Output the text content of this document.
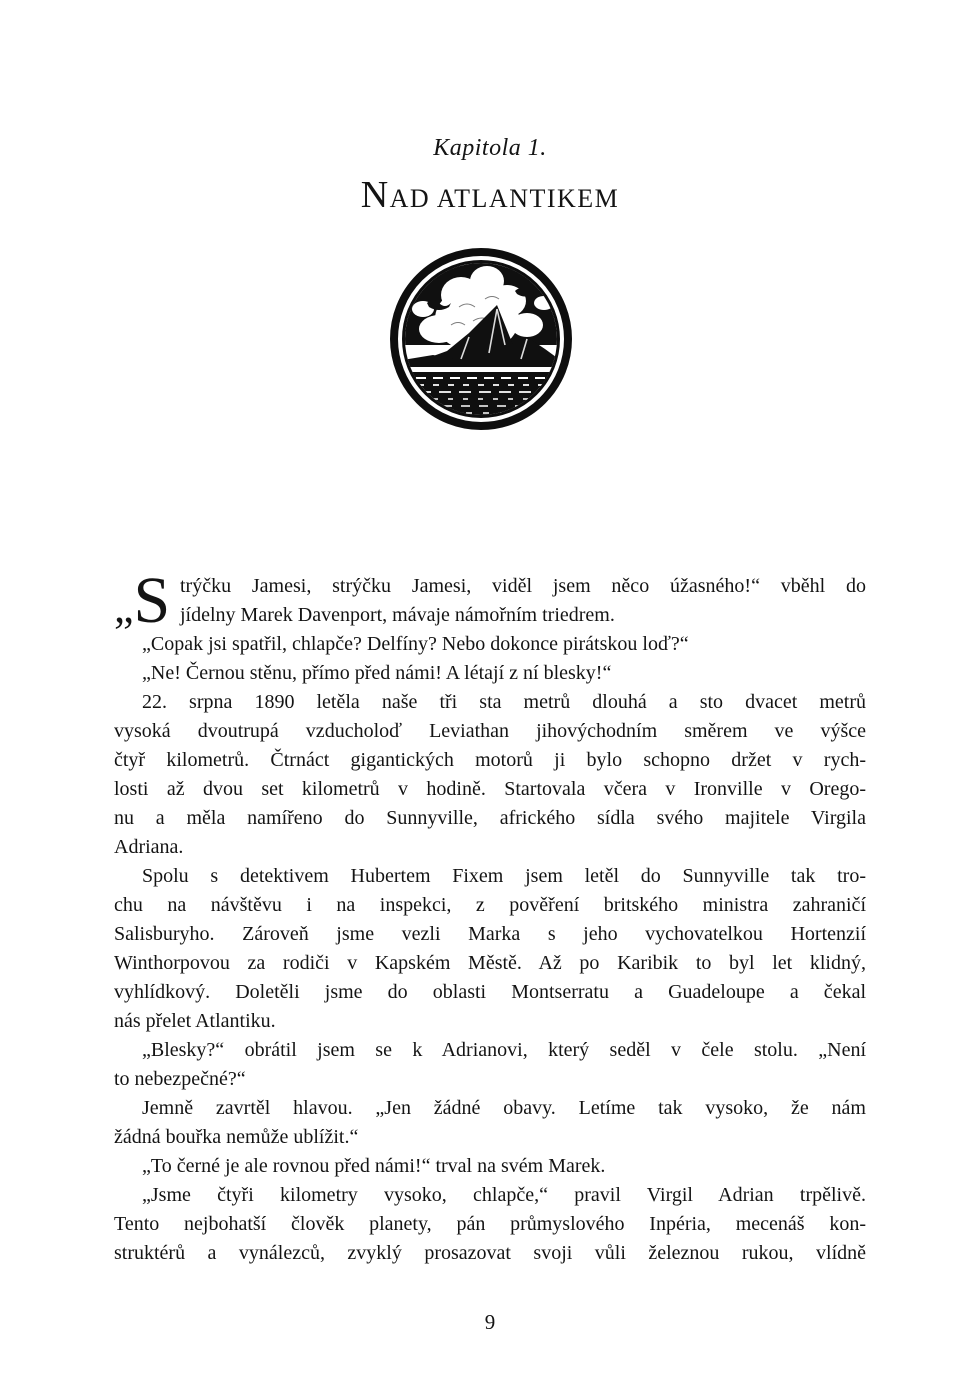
Kapitola 1.
NAD ATLANTIKEM
„S trýčku Jamesi, strýčku Jamesi, viděl jsem něco úžasného!“ vběhl do
jídelny Marek Davenport, mávaje námořním triedrem.
„Copak jsi spatřil, chlapče? Delfíny? Nebo dokonce pirátskou loď?“
„Ne! Černou stěnu, přímo před námi! A létají z ní blesky!“
22. srpna 1890 letěla naše tři sta metrů dlouhá a sto dvacet metrů
vysoká dvoutrupá vzducholoď Leviathan jihovýchodním směrem ve výšce
čtyř kilometrů. Čtrnáct gigantických motorů ji bylo schopno držet v rych-
losti až dvou set kilometrů v hodině. Startovala včera v Ironville v Orego-
nu a měla namířeno do Sunnyville, afrického sídla svého majitele Virgila
Adriana.
Spolu s detektivem Hubertem Fixem jsem letěl do Sunnyville tak tro-
chu na návštěvu i na inspekci, z pověření britského ministra zahraničí
Salisburyho. Zároveň jsme vezli Marka s jeho vychovatelkou Hortenzií
Winthorpovou za rodiči v Kapském Městě. Až po Karibik to byl let klidný,
vyhlídkový. Doletěli jsme do oblasti Montserratu a Guadeloupe a čekal
nás přelet Atlantiku.
„Blesky?“ obrátil jsem se k Adrianovi, který seděl v čele stolu. „Není
to nebezpečné?“
Jemně zavrtěl hlavou. „Jen žádné obavy. Letíme tak vysoko, že nám
žádná bouřka nemůže ublížit.“
„To černé je ale rovnou před námi!“ trval na svém Marek.
„Jsme čtyři kilometry vysoko, chlapče,“ pravil Virgil Adrian trpělivě.
Tento nejbohatší člověk planety, pán průmyslového Inpéria, mecenáš kon-
struktérů a vynálezců, zvyklý prosazovat svoji vůli železnou rukou, vlídně
9
